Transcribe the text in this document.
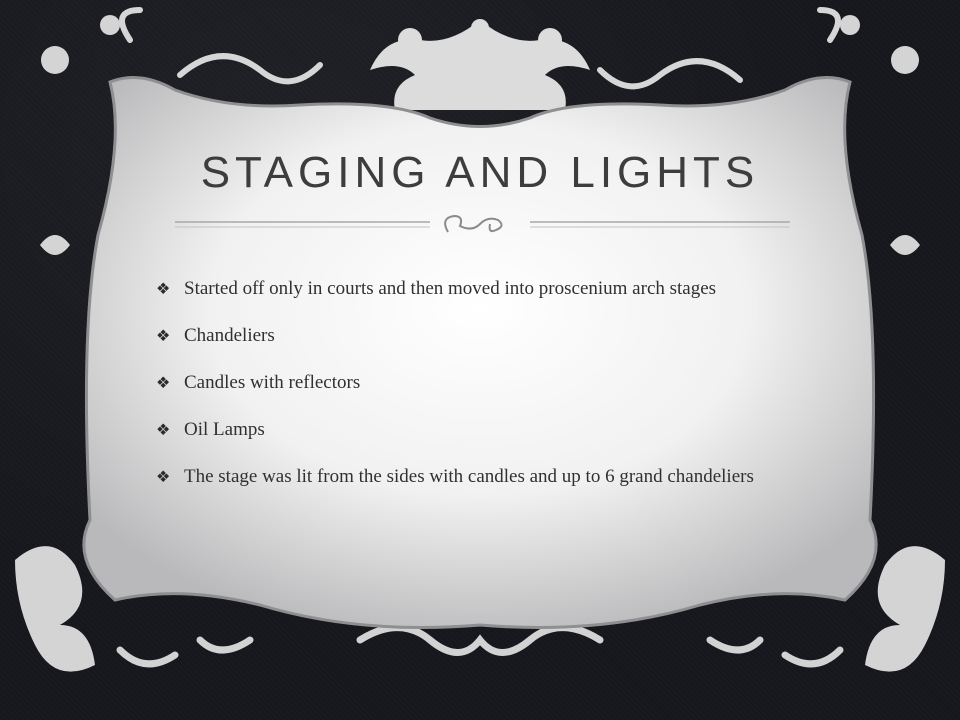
STAGING AND LIGHTS
❖ Started off only in courts and then moved into proscenium arch stages
❖ Chandeliers
❖ Candles with reflectors
❖ Oil Lamps
❖ The stage was lit from the sides with candles and up to 6 grand chandeliers
